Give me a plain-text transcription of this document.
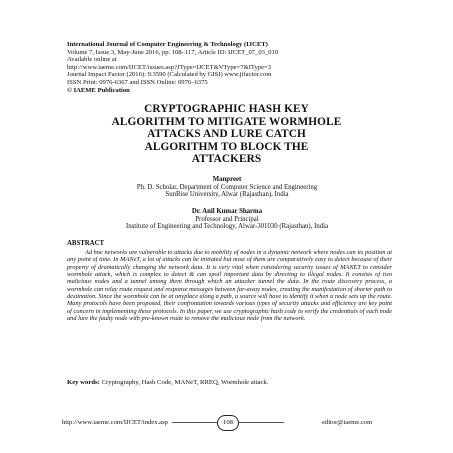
International Journal of Computer Engineering & Technology (IJCET)
Volume 7, Issue 3, May-June 2016, pp. 108–117, Article ID: IJCET_07_03_010
Available online at
http://www.iaeme.com/IJCET/issues.asp?JType=IJCET&VType=7&IType=3
Journal Impact Factor (2016): 9.3590 (Calculated by GISI) www.jifactor.com
ISSN Print: 0976-6367 and ISSN Online: 0976–6375
© IAEME Publication
CRYPTOGRAPHIC HASH KEY
ALGORITHM TO MITIGATE WORMHOLE
ATTACKS AND LURE CATCH
ALGORITHM TO BLOCK THE
ATTACKERS
Manpreet
Ph. D. Scholar, Department of Computer Science and Engineering
SunRise University, Alwar (Rajasthan), India
Dr. Anil Kumar Sharma
Professor and Principal
Institute of Engineering and Technology, Alwar-301030 (Rajasthan), India
ABSTRACT
Ad hoc networks are vulnerable to attacks due to mobility of nodes in a dynamic network where nodes can its position at any point of time. In MANeT, a lot of attacks can be initiated but most of them are comparatively easy to detect because of their property of dramatically changing the network data. It is very vital when considering security issues of MANET to consider wormhole attack, which is complex to detect & can spoil important data by directing to illegal nodes. It consists of two malicious nodes and a tunnel among them through which an attacker tunnel the data. In the route discovery process, a wormhole can relay route request and response messages between far-away nodes, creating the manifestation of shorter path to destination. Since the wormhole can be at anyplace along a path, a source will have to identify it when a node sets up the route. Many protocols have been proposed, their confrontation towards various types of security attacks and efficiency are key point of concern in implementing these protocols. In this paper, we use cryptographic hash code to verify the credentials of each node and lure the faulty node with pre-known route to remove the malicious node from the network.
Key words: Cryptography, Hash Code, MANeT, RREQ, Wormhole attack.
http://www.iaeme.com/IJCET/index.asp	108	editor@iaeme.com
